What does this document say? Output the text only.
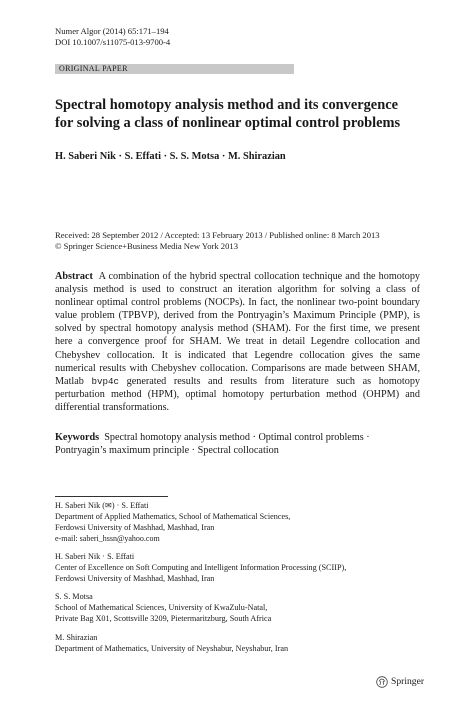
Numer Algor (2014) 65:171–194
DOI 10.1007/s11075-013-9700-4
ORIGINAL PAPER
Spectral homotopy analysis method and its convergence
for solving a class of nonlinear optimal control problems
H. Saberi Nik · S. Effati · S. S. Motsa · M. Shirazian
Received: 28 September 2012 / Accepted: 13 February 2013 / Published online: 8 March 2013
© Springer Science+Business Media New York 2013
Abstract A combination of the hybrid spectral collocation technique and the homotopy analysis method is used to construct an iteration algorithm for solving a class of nonlinear optimal control problems (NOCPs). In fact, the nonlinear two-point boundary value problem (TPBVP), derived from the Pontryagin’s Maximum Principle (PMP), is solved by spectral homotopy analysis method (SHAM). For the first time, we present here a convergence proof for SHAM. We treat in detail Legendre collocation and Chebyshev collocation. It is indicated that Legendre collocation gives the same numerical results with Chebyshev collocation. Comparisons are made between SHAM, Matlab bvp4c generated results and results from literature such as homotopy perturbation method (HPM), optimal homotopy perturbation method (OHPM) and differential transformations.
Keywords Spectral homotopy analysis method · Optimal control problems ·
Pontryagin’s maximum principle · Spectral collocation
H. Saberi Nik (✉) · S. Effati
Department of Applied Mathematics, School of Mathematical Sciences,
Ferdowsi University of Mashhad, Mashhad, Iran
e-mail: saberi_hssn@yahoo.com
H. Saberi Nik · S. Effati
Center of Excellence on Soft Computing and Intelligent Information Processing (SCIIP),
Ferdowsi University of Mashhad, Mashhad, Iran
S. S. Motsa
School of Mathematical Sciences, University of KwaZulu-Natal,
Private Bag X01, Scottsville 3209, Pietermaritzburg, South Africa
M. Shirazian
Department of Mathematics, University of Neyshabur, Neyshabur, Iran
Springer
